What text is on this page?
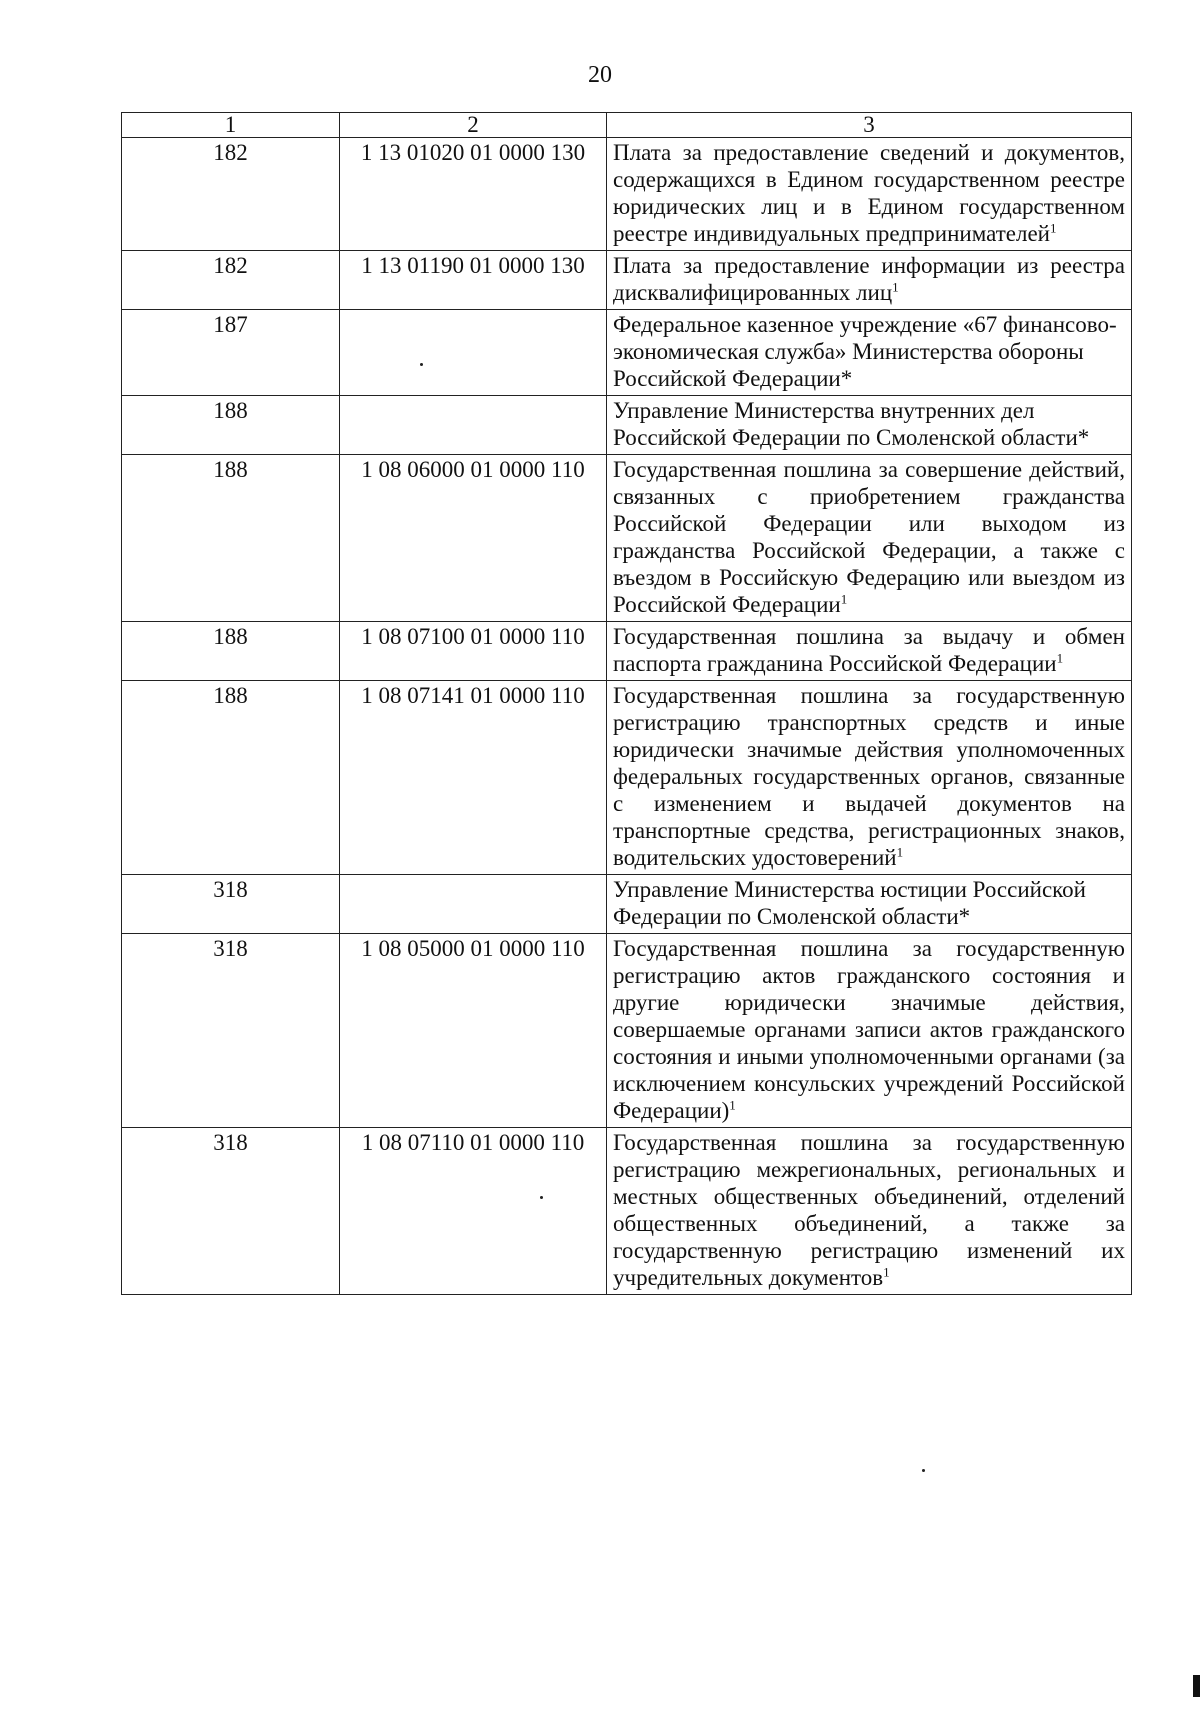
20
1	2	3
182	1 13 01020 01 0000 130	Плата за предоставление сведений и документов, содержащихся в Едином государственном реестре юридических лиц и в Едином государственном реестре индивидуальных предпринимателей$^1$
182	1 13 01190 01 0000 130	Плата за предоставление информации из реестра дисквалифицированных лиц$^1$
187		Федеральное казенное учреждение «67 финансово-экономическая служба» Министерства обороны Российской Федерации*
188		Управление Министерства внутренних дел Российской Федерации по Смоленской области*
188	1 08 06000 01 0000 110	Государственная пошлина за совершение действий, связанных с приобретением гражданства Российской Федерации или выходом из гражданства Российской Федерации, а также с въездом в Российскую Федерацию или выездом из Российской Федерации$^1$
188	1 08 07100 01 0000 110	Государственная пошлина за выдачу и обмен паспорта гражданина Российской Федерации$^1$
188	1 08 07141 01 0000 110	Государственная пошлина за государственную регистрацию транспортных средств и иные юридически значимые действия уполномоченных федеральных государственных органов, связанные с изменением и выдачей документов на транспортные средства, регистрационных знаков, водительских удостоверений$^1$
318		Управление Министерства юстиции Российской Федерации по Смоленской области*
318	1 08 05000 01 0000 110	Государственная пошлина за государственную регистрацию актов гражданского состояния и другие юридически значимые действия, совершаемые органами записи актов гражданского состояния и иными уполномоченными органами (за исключением консульских учреждений Российской Федерации)$^1$
318	1 08 07110 01 0000 110	Государственная пошлина за государственную регистрацию межрегиональных, региональных и местных общественных объединений, отделений общественных объединений, а также за государственную регистрацию изменений их учредительных документов$^1$
